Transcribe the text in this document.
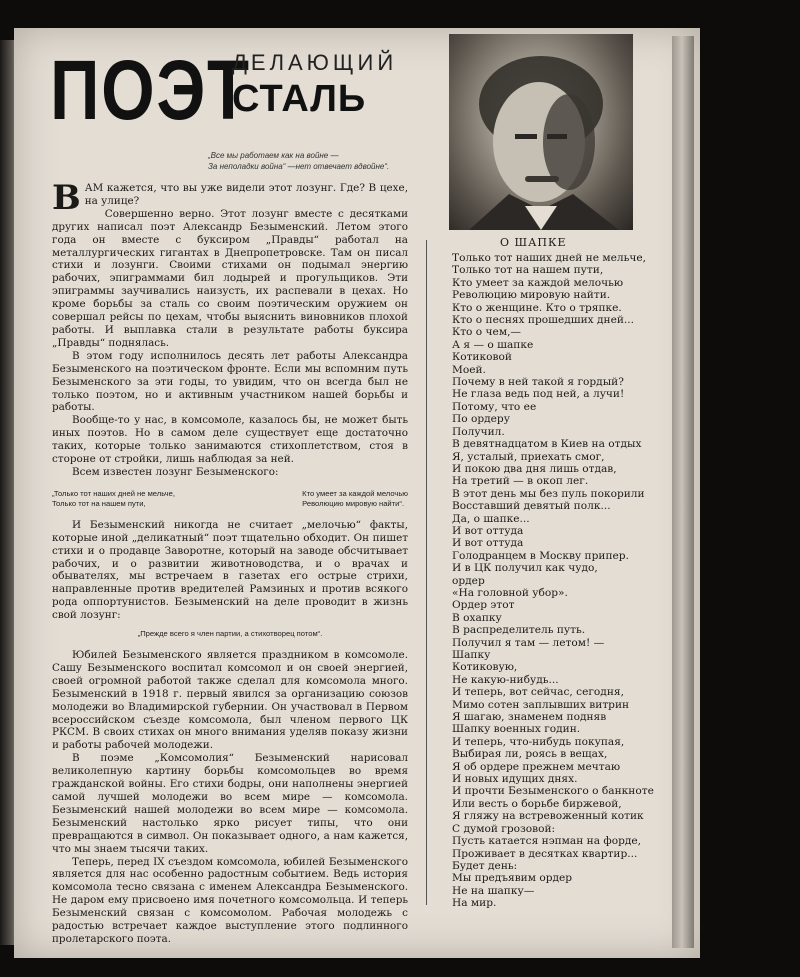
ПОЭТ
ДЕЛАЮЩИЙ
СТАЛЬ
„Все мы работаем как на войне —
За неполадки война“ —нет отвечает вдвойне“.

ВАМ кажется, что вы уже видели этот лозунг. Где? В цехе, на улице?

Совершенно верно. Этот лозунг вместе с десятками других написал поэт Александр Безыменский. Летом этого года он вместе с буксиром „Правды“ работал на металлургических гигантах в Днепропетровске. Там он писал стихи и лозунги. Своими стихами он подымал энергию рабочих, эпиграммами бил лодырей и прогульщиков. Эти эпиграммы заучивались наизусть, их распевали в цехах. Но кроме борьбы за сталь со своим поэтическим оружием он совершал рейсы по цехам, чтобы выяснить виновников плохой работы. И выплавка стали в результате работы буксира „Правды“ поднялась.

В этом году исполнилось десять лет работы Александра Безыменского на поэтическом фронте. Если мы вспомним путь Безыменского за эти годы, то увидим, что он всегда был не только поэтом, но и активным участником нашей борьбы и работы.

Вообще-то у нас, в комсомоле, казалось бы, не может быть иных поэтов. Но в самом деле существует еще достаточно таких, которые только занимаются стихоплетством, стоя в стороне от стройки, лишь наблюдая за ней.

Всем известен лозунг Безыменского:

„Только тот наших дней не мельче,
Только тот на нашем пути,
Кто умеет за каждой мелочью
Революцию мировую найти“.

И Безыменский никогда не считает „мелочью“ факты, которые иной „деликатный“ поэт тщательно обходит. Он пишет стихи и о продавце Заворотне, который на заводе обсчитывает рабочих, и о развитии животноводства, и о врачах и обывателях, мы встречаем в газетах его острые стрихи, направленные против вредителей Рамзиных и против всякого рода оппортунистов. Безыменский на деле проводит в жизнь свой лозунг:

„Прежде всего я член партии, а стихотворец потом“.

Юбилей Безыменского является праздником в комсомоле. Сашу Безыменского воспитал комсомол и он своей энергией, своей огромной работой также сделал для комсомола много. Безыменский в 1918 г. первый явился за организацию союзов молодежи во Владимирской губернии. Он участвовал в Первом всероссийском съезде комсомола, был членом первого ЦК РКСМ. В своих стихах он много внимания уделяв показу жизни и работы рабочей молодежи.

В поэме „Комсомолия“ Безыменский нарисовал великолепную картину борьбы комсомольцев во время гражданской войны. Его стихи бодры, они наполнены энергией самой лучшей молодежи во всем мире — комсомола. Безыменский нашей молодежи во всем мире — комсомола. Безыменский настолько ярко рисует типы, что они превращаются в символ. Он показывает одного, а нам кажется, что мы знаем тысячи таких.

Теперь, перед IX съездом комсомола, юбилей Безыменского является для нас особенно радостным событием. Ведь история комсомола тесно связана с именем Александра Безыменского. Не даром ему присвоено имя почетного комсомольца. И теперь Безыменский связан с комсомолом. Рабочая молодежь с радостью встречает каждое выступление этого подлинного пролетарского поэта.

О ШАПКЕ
Только тот наших дней не мельче,
Только тот на нашем пути,
Кто умеет за каждой мелочью
Революцию мировую найти.
Кто о женщине. Кто о тряпке.
Кто о песнях прошедших дней...
Кто о чем,—
А я — о шапке
Котиковой
Моей.
Почему в ней такой я гордый?
Не глаза ведь под ней, а лучи!
Потому, что ее
По ордеру
Получил.
В девятнадцатом в Киев на отдых
Я, усталый, приехать смог,
И покою два дня лишь отдав,
На третий — в окоп лег.
В этот день мы без пуль покорили
Восставший девятый полк...
Да, о шапке...
И вот оттуда
И вот оттуда
Голодранцем в Москву припер.
И в ЦК получил как чудо,
ордер
«На головной убор».
Ордер этот
В охапку
В распределитель путь.
Получил я там — летом! —
Шапку
Котиковую,
Не какую-нибудь...
И теперь, вот сейчас, сегодня,
Мимо сотен заплывших витрин
Я шагаю, знаменем подняв
Шапку военных годин.
И теперь, что-нибудь покупая,
Выбирая ли, роясь в вещах,
Я об ордере прежнем мечтаю
И новых идущих днях.
И прочти Безыменского о банкноте
Или весть о борьбе биржевой,
Я гляжу на встревоженный котик
С думой грозовой:
Пусть катается нэпман на форде,
Проживает в десятках квартир...
Будет день:
Мы предъявим ордер
Не на шапку—
На мир.
